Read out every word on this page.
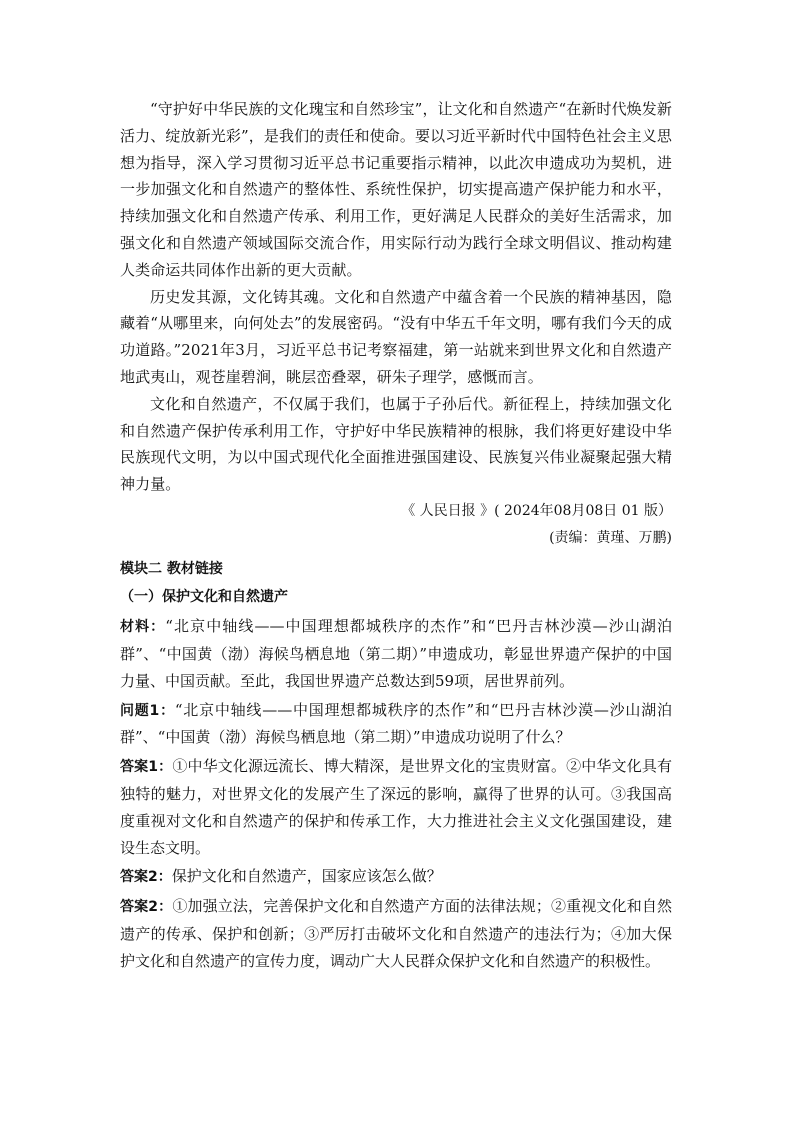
“守护好中华民族的文化瑰宝和自然珍宝”，让文化和自然遗产“在新时代焕发新活力、绽放新光彩”，是我们的责任和使命。要以习近平新时代中国特色社会主义思想为指导，深入学习贯彻习近平总书记重要指示精神，以此次申遗成功为契机，进一步加强文化和自然遗产的整体性、系统性保护，切实提高遗产保护能力和水平，持续加强文化和自然遗产传承、利用工作，更好满足人民群众的美好生活需求，加强文化和自然遗产领域国际交流合作，用实际行动为践行全球文明倡议、推动构建人类命运共同体作出新的更大贡献。

历史发其源，文化铸其魂。文化和自然遗产中蕴含着一个民族的精神基因，隐藏着“从哪里来，向何处去”的发展密码。“没有中华五千年文明，哪有我们今天的成功道路。”2021年3月，习近平总书记考察福建，第一站就来到世界文化和自然遗产地武夷山，观苍崖碧涧，眺层峦叠翠，研朱子理学，感慨而言。

文化和自然遗产，不仅属于我们，也属于子孙后代。新征程上，持续加强文化和自然遗产保护传承利用工作，守护好中华民族精神的根脉，我们将更好建设中华民族现代文明，为以中国式现代化全面推进强国建设、民族复兴伟业凝聚起强大精神力量。

《 人民日报 》( 2024年08月08日 01 版）

(责编：黄瑾、万鹏)

模块二 教材链接

（一）保护文化和自然遗产

材料：“北京中轴线——中国理想都城秩序的杰作”和“巴丹吉林沙漠—沙山湖泊群”、“中国黄（渤）海候鸟栖息地（第二期）”申遗成功，彰显世界遗产保护的中国力量、中国贡献。至此，我国世界遗产总数达到59项，居世界前列。

问题1：“北京中轴线——中国理想都城秩序的杰作”和“巴丹吉林沙漠—沙山湖泊群”、“中国黄（渤）海候鸟栖息地（第二期）”申遗成功说明了什么？

答案1：①中华文化源远流长、博大精深，是世界文化的宝贵财富。②中华文化具有独特的魅力，对世界文化的发展产生了深远的影响，赢得了世界的认可。③我国高度重视对文化和自然遗产的保护和传承工作，大力推进社会主义文化强国建设，建设生态文明。

答案2：保护文化和自然遗产，国家应该怎么做？

答案2：①加强立法，完善保护文化和自然遗产方面的法律法规；②重视文化和自然遗产的传承、保护和创新；③严厉打击破坏文化和自然遗产的违法行为；④加大保护文化和自然遗产的宣传力度，调动广大人民群众保护文化和自然遗产的积极性。
